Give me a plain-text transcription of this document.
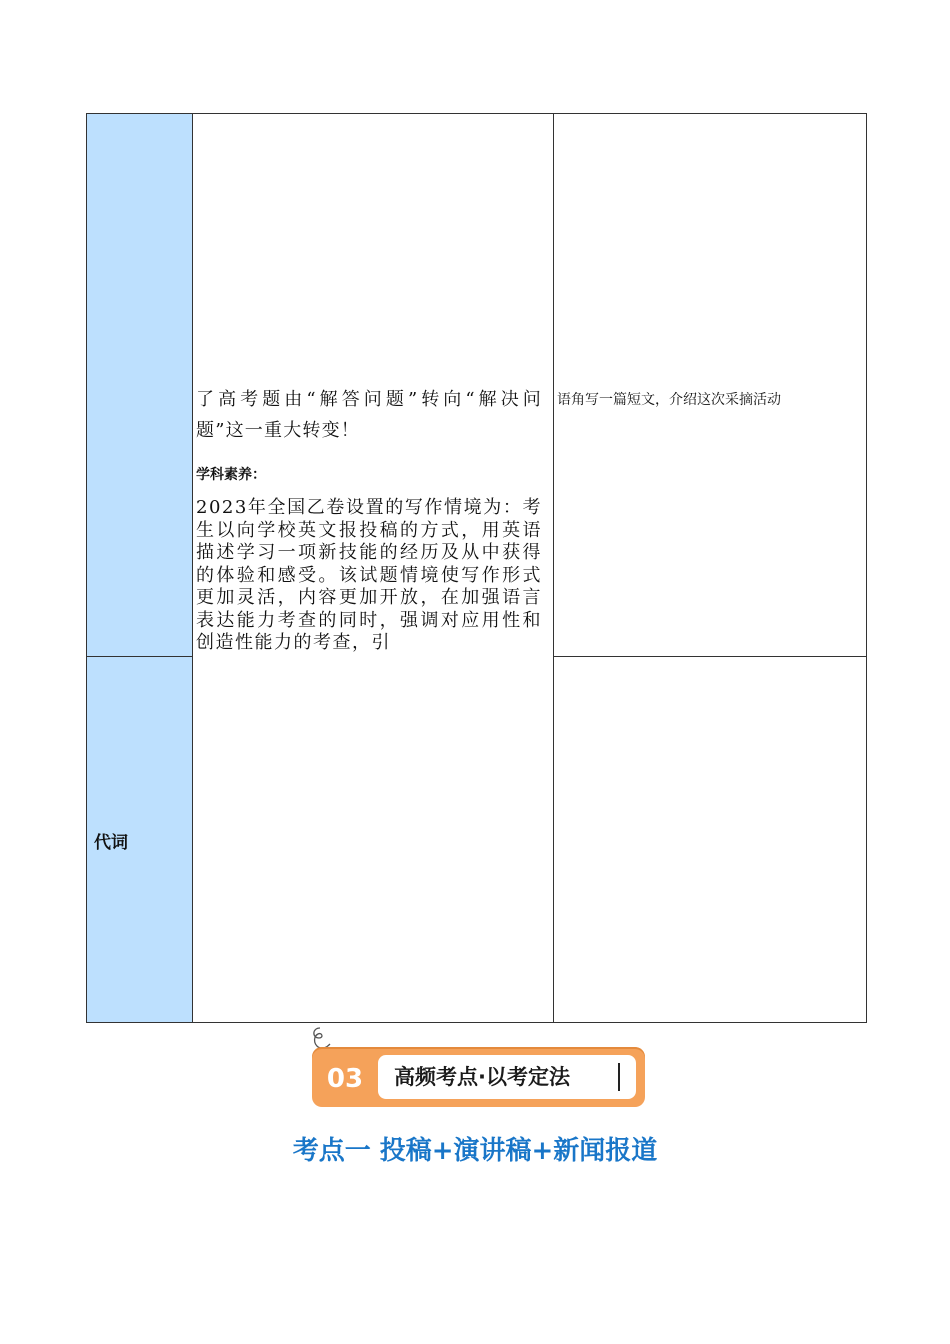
代词
了高考题由“解答问题”转向“解决问题”这一重大转变！
学科素养：
2023年全国乙卷设置的写作情境为：考生以向学校英文报投稿的方式，用英语描述学习一项新技能的经历及从中获得的体验和感受。该试题情境使写作形式更加灵活，内容更加开放，在加强语言表达能力考查的同时，强调对应用性和创造性能力的考查，引
语角写一篇短文，介绍这次采摘活动
03	高频考点·以考定法
考点一 投稿+演讲稿+新闻报道
